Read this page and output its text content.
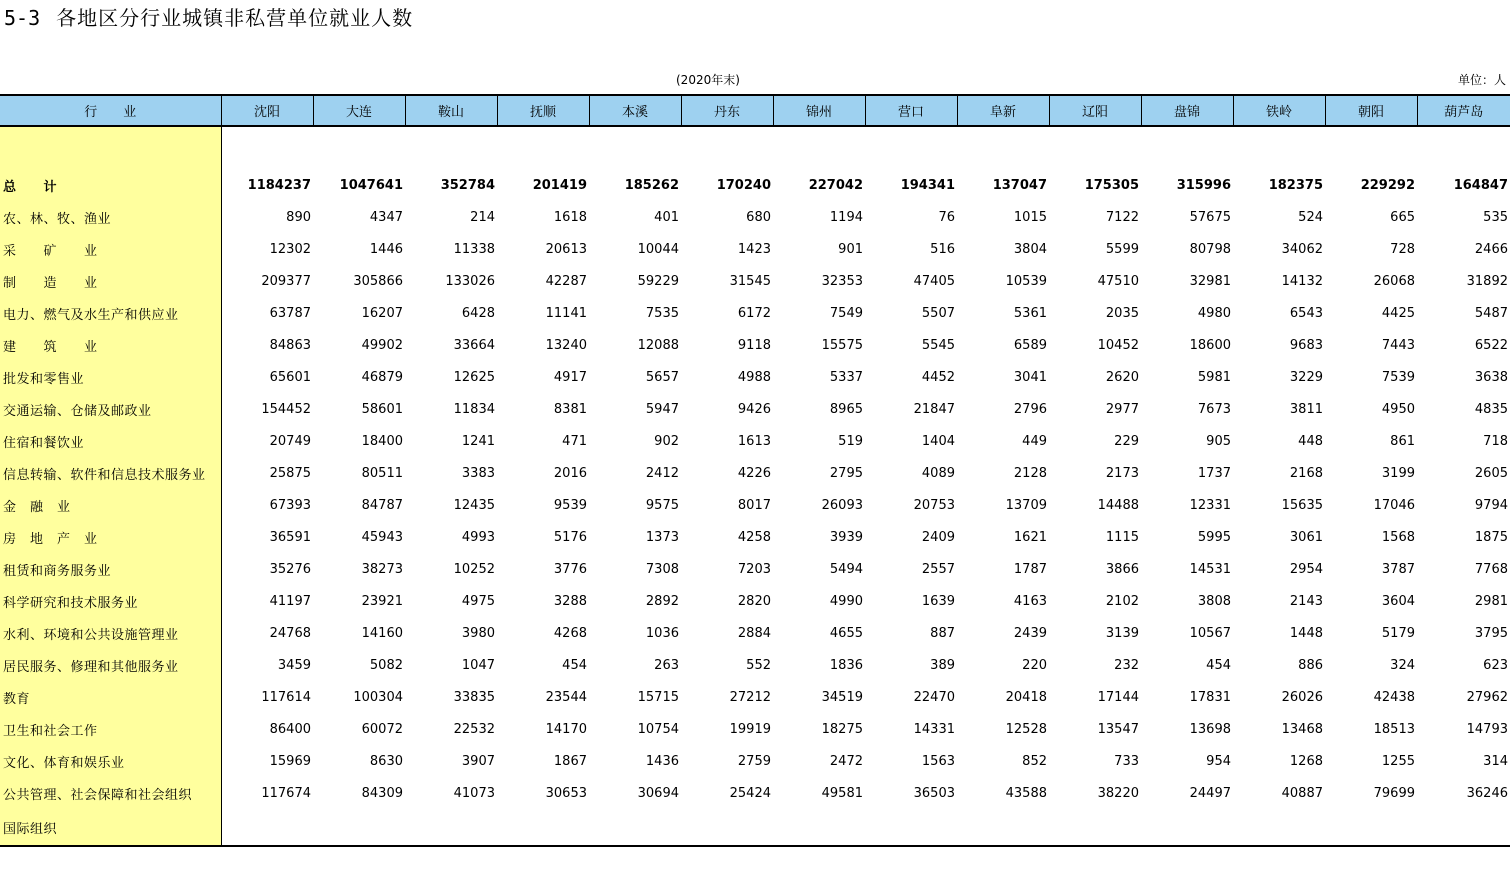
5-3 各地区分行业城镇非私营单位就业人数
(2020年末)	单位：人
行　　业	沈阳	大连	鞍山	抚顺	本溪	丹东	锦州	营口	阜新	辽阳	盘锦	铁岭	朝阳	葫芦岛

总　　计	1184237	1047641	352784	201419	185262	170240	227042	194341	137047	175305	315996	182375	229292	164847
农、林、牧、渔业	890	4347	214	1618	401	680	1194	76	1015	7122	57675	524	665	535
采　　矿　　业	12302	1446	11338	20613	10044	1423	901	516	3804	5599	80798	34062	728	2466
制　　造　　业	209377	305866	133026	42287	59229	31545	32353	47405	10539	47510	32981	14132	26068	31892
电力、燃气及水生产和供应业	63787	16207	6428	11141	7535	6172	7549	5507	5361	2035	4980	6543	4425	5487
建　　筑　　业	84863	49902	33664	13240	12088	9118	15575	5545	6589	10452	18600	9683	7443	6522
批发和零售业	65601	46879	12625	4917	5657	4988	5337	4452	3041	2620	5981	3229	7539	3638
交通运输、仓储及邮政业	154452	58601	11834	8381	5947	9426	8965	21847	2796	2977	7673	3811	4950	4835
住宿和餐饮业	20749	18400	1241	471	902	1613	519	1404	449	229	905	448	861	718
信息转输、软件和信息技术服务业	25875	80511	3383	2016	2412	4226	2795	4089	2128	2173	1737	2168	3199	2605
金　融　业	67393	84787	12435	9539	9575	8017	26093	20753	13709	14488	12331	15635	17046	9794
房　地　产　业	36591	45943	4993	5176	1373	4258	3939	2409	1621	1115	5995	3061	1568	1875
租赁和商务服务业	35276	38273	10252	3776	7308	7203	5494	2557	1787	3866	14531	2954	3787	7768
科学研究和技术服务业	41197	23921	4975	3288	2892	2820	4990	1639	4163	2102	3808	2143	3604	2981
水利、环境和公共设施管理业	24768	14160	3980	4268	1036	2884	4655	887	2439	3139	10567	1448	5179	3795
居民服务、修理和其他服务业	3459	5082	1047	454	263	552	1836	389	220	232	454	886	324	623
教育	117614	100304	33835	23544	15715	27212	34519	22470	20418	17144	17831	26026	42438	27962
卫生和社会工作	86400	60072	22532	14170	10754	19919	18275	14331	12528	13547	13698	13468	18513	14793
文化、体育和娱乐业	15969	8630	3907	1867	1436	2759	2472	1563	852	733	954	1268	1255	314
公共管理、社会保障和社会组织	117674	84309	41073	30653	30694	25424	49581	36503	43588	38220	24497	40887	79699	36246
国际组织														
